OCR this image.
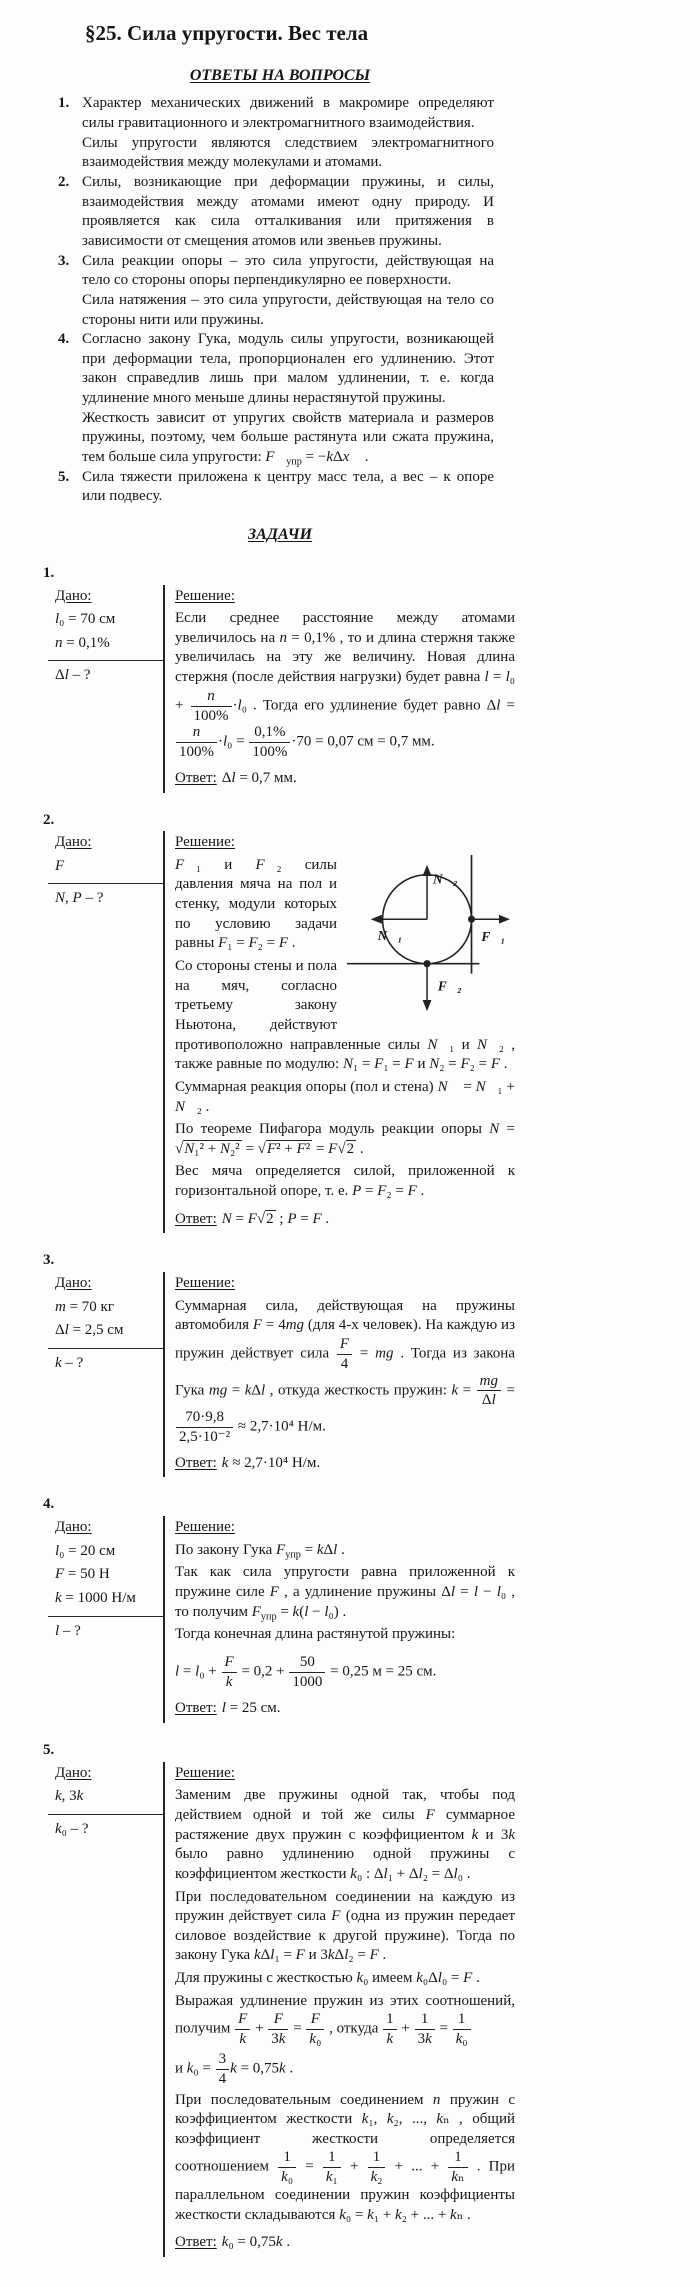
§25. Сила упругости. Вес тела
ОТВЕТЫ НА ВОПРОСЫ
1. Характер механических движений в макромире определяют силы гравитационного и электромагнитного взаимодействия.

Силы упругости являются следствием электромагнитного взаимодействия между молекулами и атомами.

2. Силы, возникающие при деформации пружины, и силы, взаимодействия между атомами имеют одну природу. И проявляется как сила отталкивания или притяжения в зависимости от смещения атомов или звеньев пружины.

3. Сила реакции опоры – это сила упругости, действующая на тело со стороны опоры перпендикулярно ее поверхности.

Сила натяжения – это сила упругости, действующая на тело со стороны нити или пружины.

4. Согласно закону Гука, модуль силы упругости, возникающей при деформации тела, пропорционален его удлинению. Этот закон справедлив лишь при малом удлинении, т. е. когда удлинение много меньше длины нерастянутой пружины.

Жесткость зависит от упругих свойств материала и размеров пружины, поэтому, чем больше растянута или сжата пружина, тем больше сила упругости: $F⃗_{упр}$ = −kΔx⃗ .

5. Сила тяжести приложена к центру масс тела, а вес – к опоре или подвесу.

ЗАДАЧИ
1.
Дано:
l₀ = 70 см
n = 0,1%
Δl – ?
Решение:

Если среднее расстояние между атомами увеличилось на n = 0,1% , то и длина стержня также увеличилась на эту же величину. Новая длина стержня (после действия нагрузки) будет равна $l = l_0 + \frac{n}{100\%} \cdot l_0$ . Тогда его удлинение будет равно Δl =
$\frac{n}{100\%} \cdot l_0 = \frac{0,1\%}{100\%} \cdot 70 = 0,07$ см = 0,7 мм.

Ответ: Δl = 0,7 мм.
2.
Дано:
F
N, P – ?
Решение:
N⃗₂
N⃗₁	F⃗₁
F⃗₂

F⃗₁ и F⃗₂ силы давления мяча на пол и стенку, модули которых по условию задачи равны F₁ = F₂ = F .

Со стороны стены и пола на мяч, согласно третьему закону Ньютона, действуют противоположно направленные силы N⃗₁ и N⃗₂ , также равные по модулю: N₁ = F₁ = F и N₂ = F₂ = F .

Суммарная реакция опоры (пол и стена) N⃗ = N⃗₁ + N⃗₂ .

По теореме Пифагора модуль реакции опоры N = √N₁² + N₂² = √F² + F² = F√2 .

Вес мяча определяется силой, приложенной к горизонтальной опоре, т. е. P = F₂ = F .

Ответ: N = F√2 ; P = F .
3.
Дано:
m = 70 кг
Δl = 2,5 см
k – ?
Решение:

Суммарная сила, действующая на пружины автомобиля F = 4mg (для 4-х человек). На каждую из пружин действует сила $\frac{F}{4}$ = mg . Тогда из закона Гука mg = kΔl , откуда жесткость пружин: $k = \frac{mg}{\Delta l}$ =
$\frac{70\cdot 9,8}{\text{2,5·10⁻²}} \approx 2,7\cdot 10^4$ Н/м.

Ответ: k ≈ 2,7·10⁴ Н/м.
4.
Дано:
l₀ = 20 см
F = 50 Н
k = 1000 Н/м
l – ?
Решение:

По закону Гука $F_{упр} = k\Delta l$ .

Так как сила упругости равна приложенной к пружине силе F , а удлинение пружины Δl = l − l₀ , то получим $F_{упр} = k(l - l_0)$ .

Тогда конечная длина растянутой пружины:

$l = l_0 + \frac{F}{k} = 0,2 + \frac{50}{1000} = 0,25$ м = 25 см.

Ответ: l = 25 см.
5.
Дано:
k, 3k
k₀ – ?
Решение:

Заменим две пружины одной так, чтобы под действием одной и той же силы F суммарное растяжение двух пружин с коэффициентом k и 3k было равно удлинению одной пружины с коэффициентом жесткости k₀ : Δl₁ + Δl₂ = Δl₀ .

При последовательном соединении на каждую из пружин действует сила F (одна из пружин передает силовое воздействие к другой пружине). Тогда по закону Гука kΔl₁ = F и 3kΔl₂ = F .

Для пружины с жесткостью k₀ имеем k₀Δl₀ = F .

Выражая удлинение пружин из этих соотношений, получим $\frac{F}{k} + \frac{F}{3k} = \frac{F}{\text{k₀}}$ , откуда $\frac{1}{k} + \frac{1}{3k} = \frac{1}{\text{k₀}}$

и $k_0 = \frac{3}{4}$ k = 0,75k .

При последовательным соединением n пружин с коэффициентом жесткости k₁, k₂, ..., kₙ , общий коэффициент жесткости определяется соотношением $\frac{1}{\text{k₀}} = \frac{1}{\text{k₁}} + \frac{1}{\text{k₂}}$ + ... + $\frac{1}{\text{kₙ}}$ . При параллельном соединении пружин коэффициенты жесткости складываются k₀ = k₁ + k₂ + ... + kₙ .

Ответ: k₀ = 0,75k .
